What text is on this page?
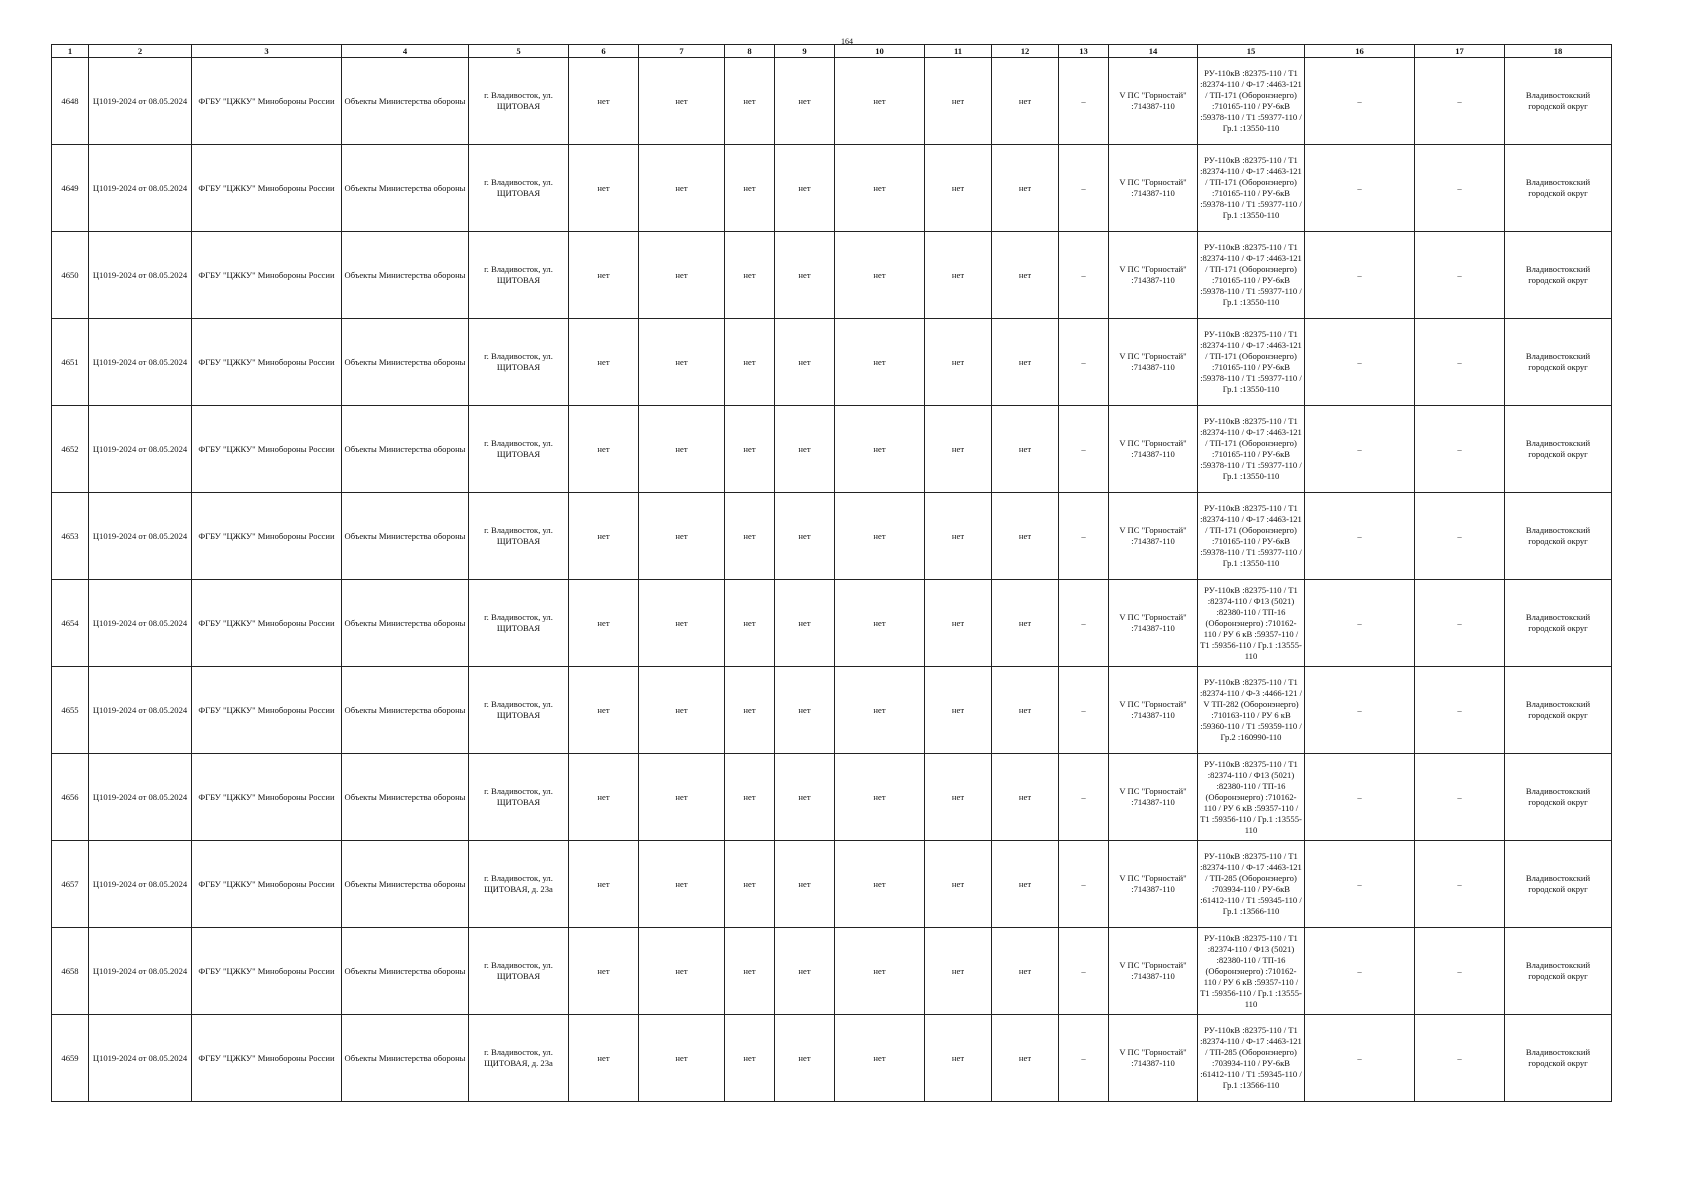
164
1	2	3	4	5	6	7	8	9	10	11	12	13	14	15	16	17	18
4648	Ц1019-2024 от 08.05.2024	ФГБУ "ЦЖКУ" Минобороны России	Объекты Министерства обороны	г. Владивосток, ул. ЩИТОВАЯ	нет	нет	нет	нет	нет	нет	нет	–	V ПС "Горностай" :714387-110	РУ-110кВ :82375-110 / Т1 :82374-110 / Ф-17 :4463-121 / ТП-171 (Оборонэнерго) :710165-110 / РУ-6кВ :59378-110 / Т1 :59377-110 / Гр.1 :13550-110	–	–	Владивостокский городской округ
4649	Ц1019-2024 от 08.05.2024	ФГБУ "ЦЖКУ" Минобороны России	Объекты Министерства обороны	г. Владивосток, ул. ЩИТОВАЯ	нет	нет	нет	нет	нет	нет	нет	–	V ПС "Горностай" :714387-110	РУ-110кВ :82375-110 / Т1 :82374-110 / Ф-17 :4463-121 / ТП-171 (Оборонэнерго) :710165-110 / РУ-6кВ :59378-110 / Т1 :59377-110 / Гр.1 :13550-110	–	–	Владивостокский городской округ
4650	Ц1019-2024 от 08.05.2024	ФГБУ "ЦЖКУ" Минобороны России	Объекты Министерства обороны	г. Владивосток, ул. ЩИТОВАЯ	нет	нет	нет	нет	нет	нет	нет	–	V ПС "Горностай" :714387-110	РУ-110кВ :82375-110 / Т1 :82374-110 / Ф-17 :4463-121 / ТП-171 (Оборонэнерго) :710165-110 / РУ-6кВ :59378-110 / Т1 :59377-110 / Гр.1 :13550-110	–	–	Владивостокский городской округ
4651	Ц1019-2024 от 08.05.2024	ФГБУ "ЦЖКУ" Минобороны России	Объекты Министерства обороны	г. Владивосток, ул. ЩИТОВАЯ	нет	нет	нет	нет	нет	нет	нет	–	V ПС "Горностай" :714387-110	РУ-110кВ :82375-110 / Т1 :82374-110 / Ф-17 :4463-121 / ТП-171 (Оборонэнерго) :710165-110 / РУ-6кВ :59378-110 / Т1 :59377-110 / Гр.1 :13550-110	–	–	Владивостокский городской округ
4652	Ц1019-2024 от 08.05.2024	ФГБУ "ЦЖКУ" Минобороны России	Объекты Министерства обороны	г. Владивосток, ул. ЩИТОВАЯ	нет	нет	нет	нет	нет	нет	нет	–	V ПС "Горностай" :714387-110	РУ-110кВ :82375-110 / Т1 :82374-110 / Ф-17 :4463-121 / ТП-171 (Оборонэнерго) :710165-110 / РУ-6кВ :59378-110 / Т1 :59377-110 / Гр.1 :13550-110	–	–	Владивостокский городской округ
4653	Ц1019-2024 от 08.05.2024	ФГБУ "ЦЖКУ" Минобороны России	Объекты Министерства обороны	г. Владивосток, ул. ЩИТОВАЯ	нет	нет	нет	нет	нет	нет	нет	–	V ПС "Горностай" :714387-110	РУ-110кВ :82375-110 / Т1 :82374-110 / Ф-17 :4463-121 / ТП-171 (Оборонэнерго) :710165-110 / РУ-6кВ :59378-110 / Т1 :59377-110 / Гр.1 :13550-110	–	–	Владивостокский городской округ
4654	Ц1019-2024 от 08.05.2024	ФГБУ "ЦЖКУ" Минобороны России	Объекты Министерства обороны	г. Владивосток, ул. ЩИТОВАЯ	нет	нет	нет	нет	нет	нет	нет	–	V ПС "Горностай" :714387-110	РУ-110кВ :82375-110 / Т1 :82374-110 / Ф13 (5021) :82380-110 / ТП-16 (Оборонэнерго) :710162-110 / РУ 6 кВ :59357-110 / Т1 :59356-110 / Гр.1 :13555-110	–	–	Владивостокский городской округ
4655	Ц1019-2024 от 08.05.2024	ФГБУ "ЦЖКУ" Минобороны России	Объекты Министерства обороны	г. Владивосток, ул. ЩИТОВАЯ	нет	нет	нет	нет	нет	нет	нет	–	V ПС "Горностай" :714387-110	РУ-110кВ :82375-110 / Т1 :82374-110 / Ф-3 :4466-121 / V ТП-282 (Оборонэнерго) :710163-110 / РУ 6 кВ :59360-110 / Т1 :59359-110 / Гр.2 :160990-110	–	–	Владивостокский городской округ
4656	Ц1019-2024 от 08.05.2024	ФГБУ "ЦЖКУ" Минобороны России	Объекты Министерства обороны	г. Владивосток, ул. ЩИТОВАЯ	нет	нет	нет	нет	нет	нет	нет	–	V ПС "Горностай" :714387-110	РУ-110кВ :82375-110 / Т1 :82374-110 / Ф13 (5021) :82380-110 / ТП-16 (Оборонэнерго) :710162-110 / РУ 6 кВ :59357-110 / Т1 :59356-110 / Гр.1 :13555-110	–	–	Владивостокский городской округ
4657	Ц1019-2024 от 08.05.2024	ФГБУ "ЦЖКУ" Минобороны России	Объекты Министерства обороны	г. Владивосток, ул. ЩИТОВАЯ, д. 23а	нет	нет	нет	нет	нет	нет	нет	–	V ПС "Горностай" :714387-110	РУ-110кВ :82375-110 / Т1 :82374-110 / Ф-17 :4463-121 / ТП-285 (Оборонэнерго) :703934-110 / РУ-6кВ :61412-110 / Т1 :59345-110 / Гр.1 :13566-110	–	–	Владивостокский городской округ
4658	Ц1019-2024 от 08.05.2024	ФГБУ "ЦЖКУ" Минобороны России	Объекты Министерства обороны	г. Владивосток, ул. ЩИТОВАЯ	нет	нет	нет	нет	нет	нет	нет	–	V ПС "Горностай" :714387-110	РУ-110кВ :82375-110 / Т1 :82374-110 / Ф13 (5021) :82380-110 / ТП-16 (Оборонэнерго) :710162-110 / РУ 6 кВ :59357-110 / Т1 :59356-110 / Гр.1 :13555-110	–	–	Владивостокский городской округ
4659	Ц1019-2024 от 08.05.2024	ФГБУ "ЦЖКУ" Минобороны России	Объекты Министерства обороны	г. Владивосток, ул. ЩИТОВАЯ, д. 23а	нет	нет	нет	нет	нет	нет	нет	–	V ПС "Горностай" :714387-110	РУ-110кВ :82375-110 / Т1 :82374-110 / Ф-17 :4463-121 / ТП-285 (Оборонэнерго) :703934-110 / РУ-6кВ :61412-110 / Т1 :59345-110 / Гр.1 :13566-110	–	–	Владивостокский городской округ
